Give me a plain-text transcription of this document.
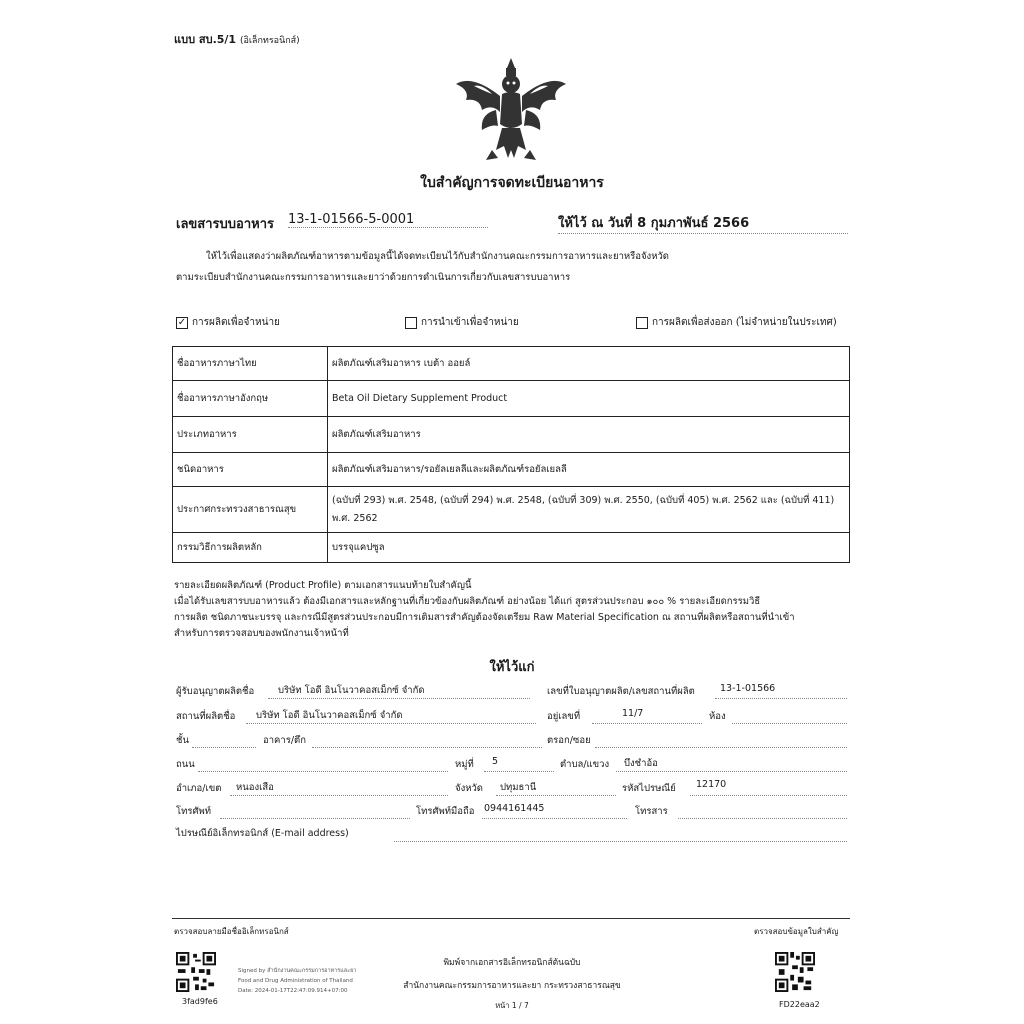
แบบ สบ.5/1 (อิเล็กทรอนิกส์)
ใบสำคัญการจดทะเบียนอาหาร
เลขสารบบอาหาร 13-1-01566-5-0001	ให้ไว้ ณ วันที่ 8 กุมภาพันธ์ 2566
ให้ไว้เพื่อแสดงว่าผลิตภัณฑ์อาหารตามข้อมูลนี้ได้จดทะเบียนไว้กับสำนักงานคณะกรรมการอาหารและยาหรือจังหวัด
ตามระเบียบสำนักงานคณะกรรมการอาหารและยาว่าด้วยการดำเนินการเกี่ยวกับเลขสารบบอาหาร
✓ การผลิตเพื่อจำหน่าย	การนำเข้าเพื่อจำหน่าย	การผลิตเพื่อส่งออก (ไม่จำหน่ายในประเทศ)
ชื่ออาหารภาษาไทย	ผลิตภัณฑ์เสริมอาหาร เบต้า ออยล์
ชื่ออาหารภาษาอังกฤษ	Beta Oil Dietary Supplement Product
ประเภทอาหาร	ผลิตภัณฑ์เสริมอาหาร
ชนิดอาหาร	ผลิตภัณฑ์เสริมอาหาร/รอยัลเยลลีและผลิตภัณฑ์รอยัลเยลลี
ประกาศกระทรวงสาธารณสุข	(ฉบับที่ 293) พ.ศ. 2548, (ฉบับที่ 294) พ.ศ. 2548, (ฉบับที่ 309) พ.ศ. 2550, (ฉบับที่ 405) พ.ศ. 2562 และ (ฉบับที่ 411) พ.ศ. 2562
กรรมวิธีการผลิตหลัก	บรรจุแคปซูล
รายละเอียดผลิตภัณฑ์ (Product Profile) ตามเอกสารแนบท้ายใบสำคัญนี้
เมื่อได้รับเลขสารบบอาหารแล้ว ต้องมีเอกสารและหลักฐานที่เกี่ยวข้องกับผลิตภัณฑ์ อย่างน้อย ได้แก่ สูตรส่วนประกอบ ๑๐๐ % รายละเอียดกรรมวิธี
การผลิต ชนิดภาชนะบรรจุ และกรณีมีสูตรส่วนประกอบมีการเติมสารสำคัญต้องจัดเตรียม Raw Material Specification ณ สถานที่ผลิตหรือสถานที่นำเข้า
สำหรับการตรวจสอบของพนักงานเจ้าหน้าที่
ให้ไว้แก่
ผู้รับอนุญาตผลิตชื่อ	บริษัท โอดี อินโนวาคอสเม็กซ์ จำกัด	เลขที่ใบอนุญาตผลิต/เลขสถานที่ผลิต	13-1-01566
สถานที่ผลิตชื่อ บริษัท โอดี อินโนวาคอสเม็กซ์ จำกัด	อยู่เลขที่	11/7	ห้อง
ชั้น	อาคาร/ตึก	ตรอก/ซอย
ถนน	หมู่ที่ 5	ตำบล/แขวง บึงชำอ้อ
อำเภอ/เขต หนองเสือ	จังหวัด ปทุมธานี	รหัสไปรษณีย์ 12170
โทรศัพท์	โทรศัพท์มือถือ 0944161445	โทรสาร
ไปรษณีย์อิเล็กทรอนิกส์ (E-mail address)
ตรวจสอบลายมือชื่ออิเล็กทรอนิกส์	ตรวจสอบข้อมูลใบสำคัญ
3fad9fe6
Signed by สำนักงานคณะกรรมการอาหารและยา
Food and Drug Administration of Thailand
Date: 2024-01-17T22:47:09.914+07:00
พิมพ์จากเอกสารอิเล็กทรอนิกส์ต้นฉบับ
สำนักงานคณะกรรมการอาหารและยา กระทรวงสาธารณสุข
หน้า 1 / 7	FD22eaa2
